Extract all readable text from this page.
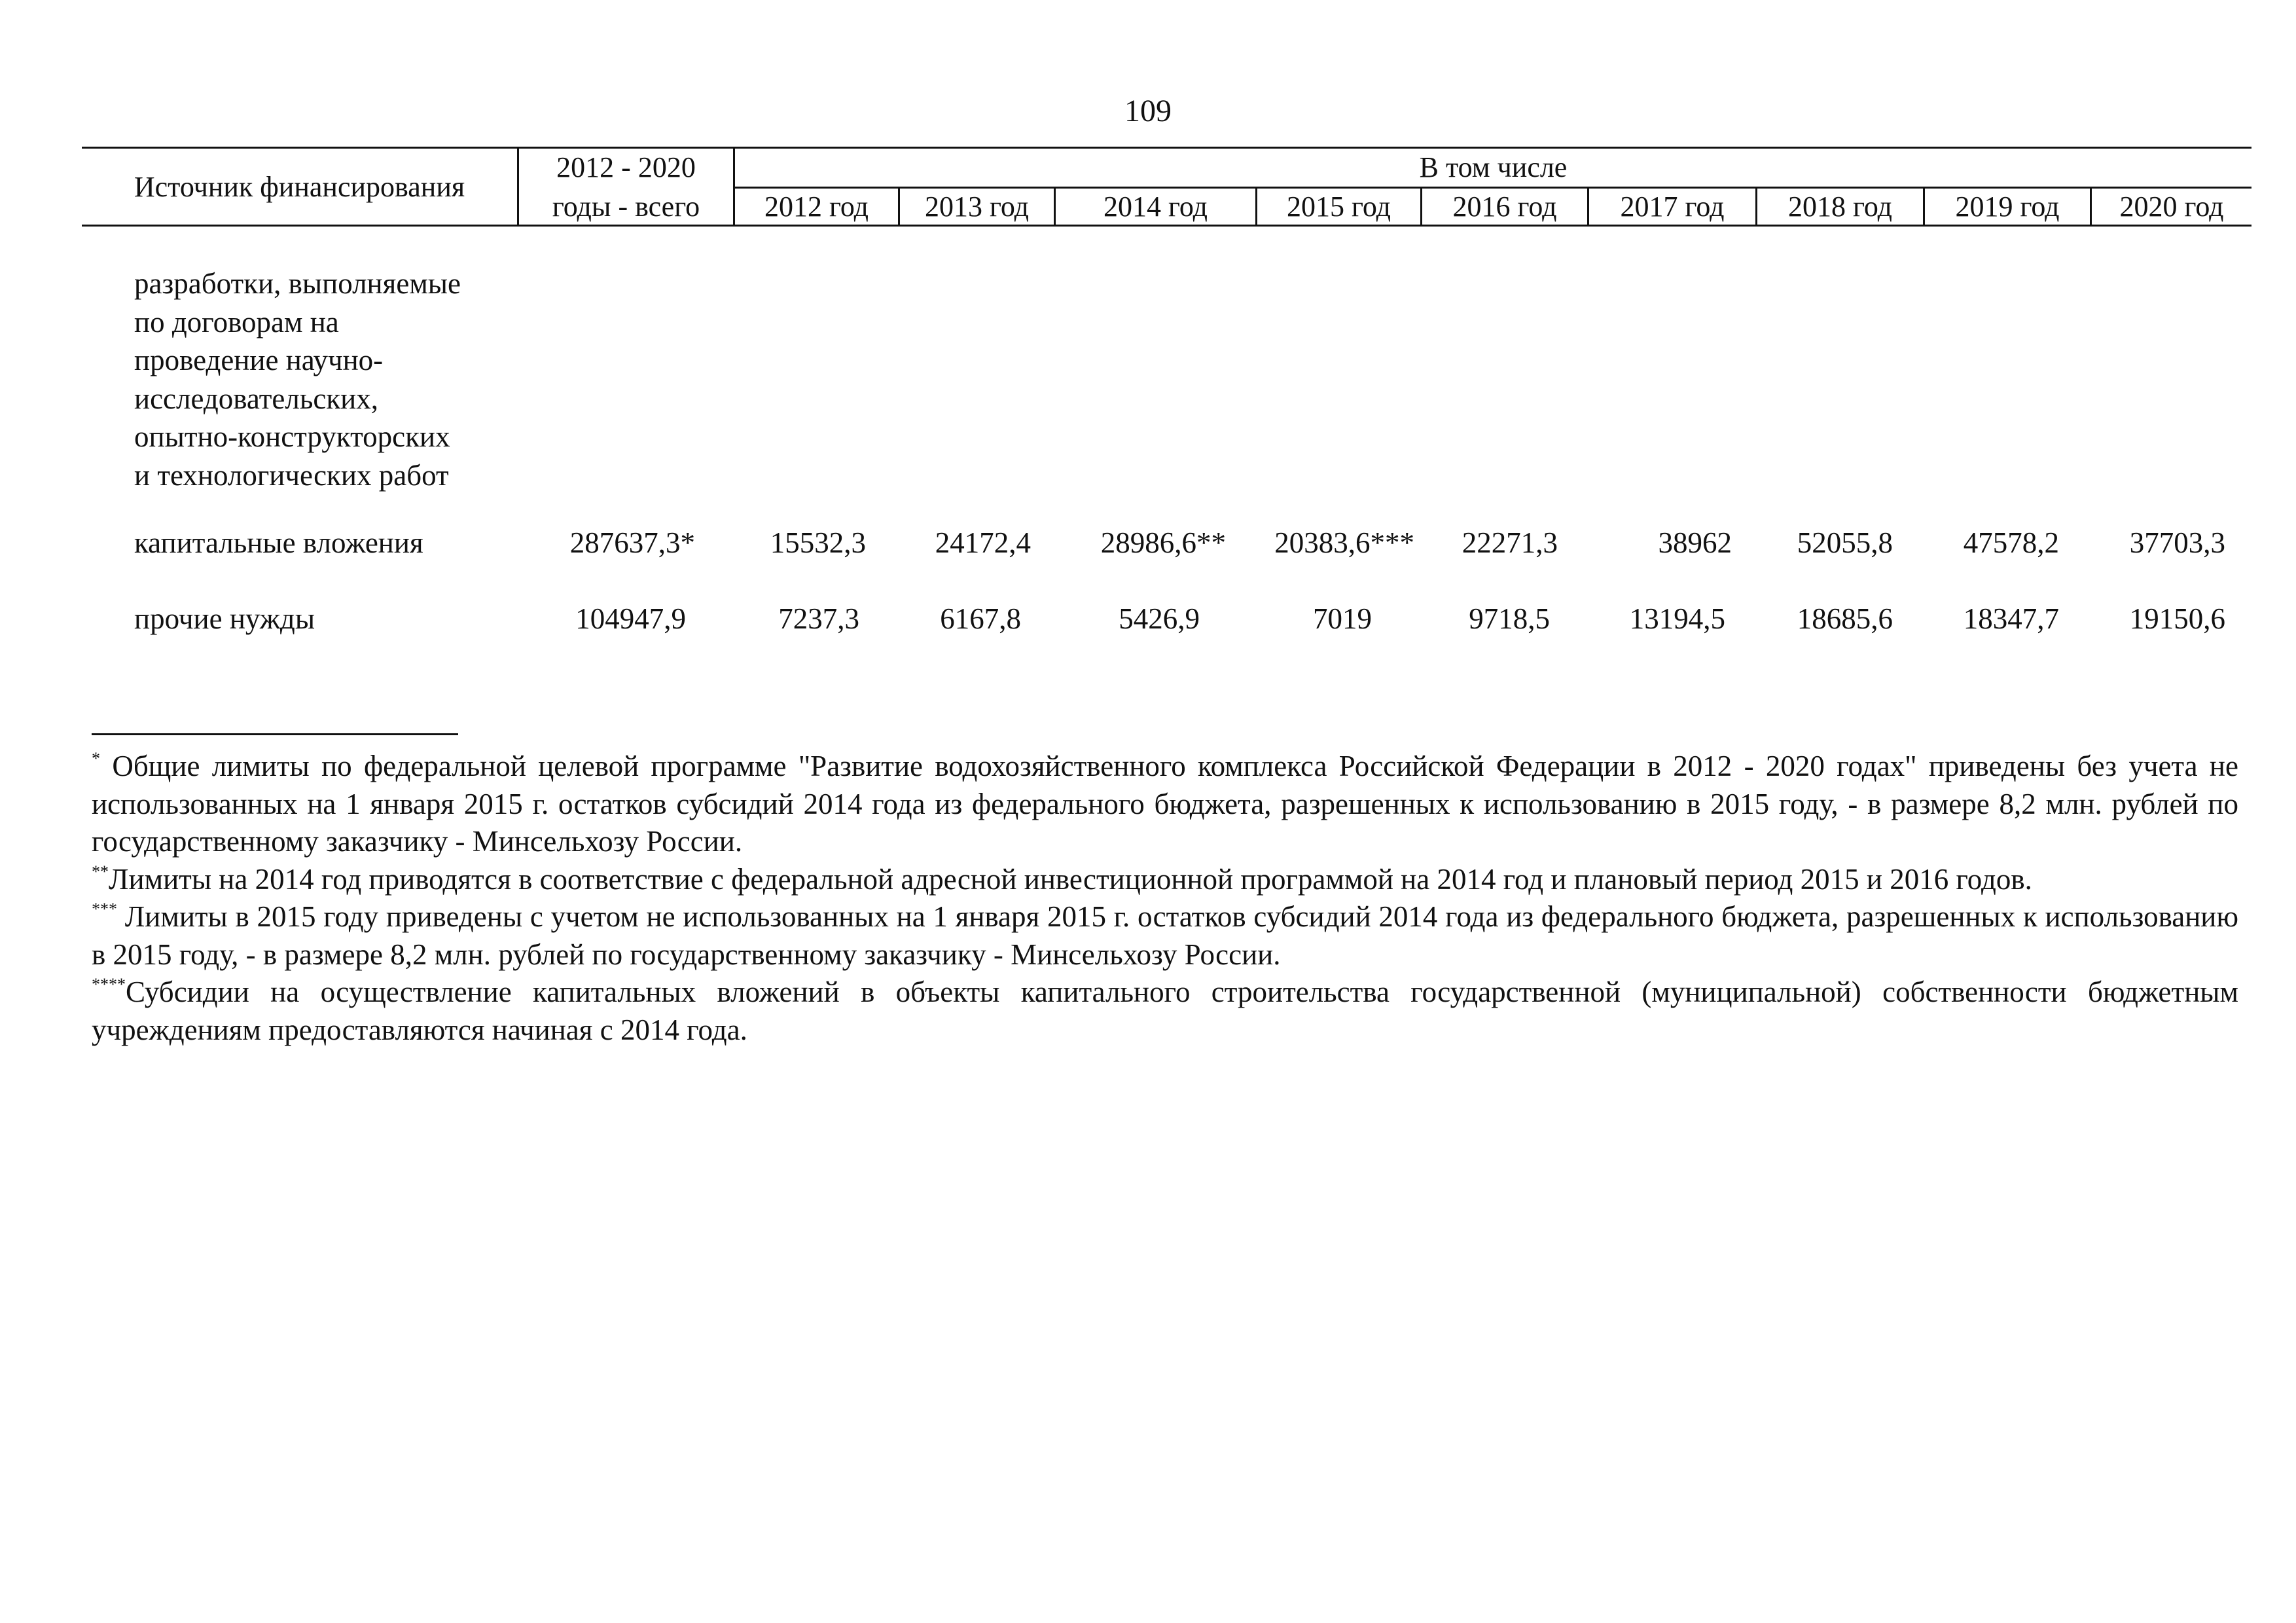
109
Источник финансирования
2012 - 2020
годы - всего
В том числе
2012 год	2013 год	2014 год	2015 год	2016 год	2017 год	2018 год	2019 год	2020 год
разработки, выполняемые
по договорам на
проведение научно-
исследовательских,
опытно-конструкторских
и технологических работ
капитальные вложения	287637,3*	15532,3	24172,4	28986,6**	20383,6***	22271,3	38962	52055,8	47578,2	37703,3
прочие нужды	104947,9	7237,3	6167,8	5426,9	7019	9718,5	13194,5	18685,6	18347,7	19150,6

* Общие лимиты по федеральной целевой программе "Развитие водохозяйственного комплекса Российской Федерации в 2012 - 2020 годах" приведены без учета не использованных на 1 января 2015 г. остатков субсидий 2014 года из федерального бюджета, разрешенных к использованию в 2015 году, - в размере 8,2 млн. рублей по государственному заказчику - Минсельхозу России.

**Лимиты на 2014 год приводятся в соответствие с федеральной адресной инвестиционной программой на 2014 год и плановый период 2015 и 2016 годов.

*** Лимиты в 2015 году приведены с учетом не использованных на 1 января 2015 г. остатков субсидий 2014 года из федерального бюджета, разрешенных к использованию в 2015 году, - в размере 8,2 млн. рублей по государственному заказчику - Минсельхозу России.

****Субсидии на осуществление капитальных вложений в объекты капитального строительства государственной (муниципальной) собственности бюджетным учреждениям предоставляются начиная с 2014 года.
